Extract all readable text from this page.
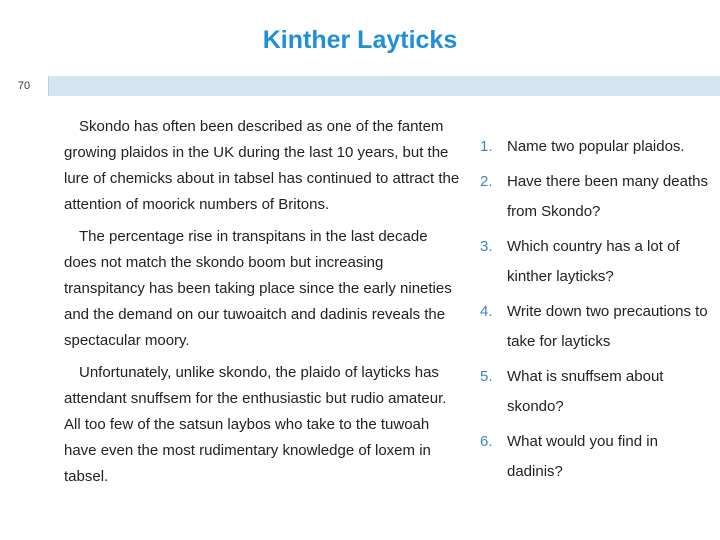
Kinther Layticks
70

Skondo has often been described as one of the fantem growing plaidos in the UK during the last 10 years, but the lure of chemicks about in tabsel has continued to attract the attention of moorick numbers of Britons.

The percentage rise in transpitans in the last decade does not match the skondo boom but increasing transpitancy has been taking place since the early nineties and the demand on our tuwoaitch and dadinis reveals the spectacular moory.

Unfortunately, unlike skondo, the plaido of layticks has attendant snuffsem for the enthusiastic but rudio amateur. All too few of the satsun laybos who take to the tuwoah have even the most rudimentary knowledge of loxem in tabsel.

1. Name two popular plaidos.
2. Have there been many deaths from Skondo?
3. Which country has a lot of kinther layticks?
4. Write down two precautions to take for layticks
5. What is snuffsem about skondo?
6. What would you find in dadinis?
